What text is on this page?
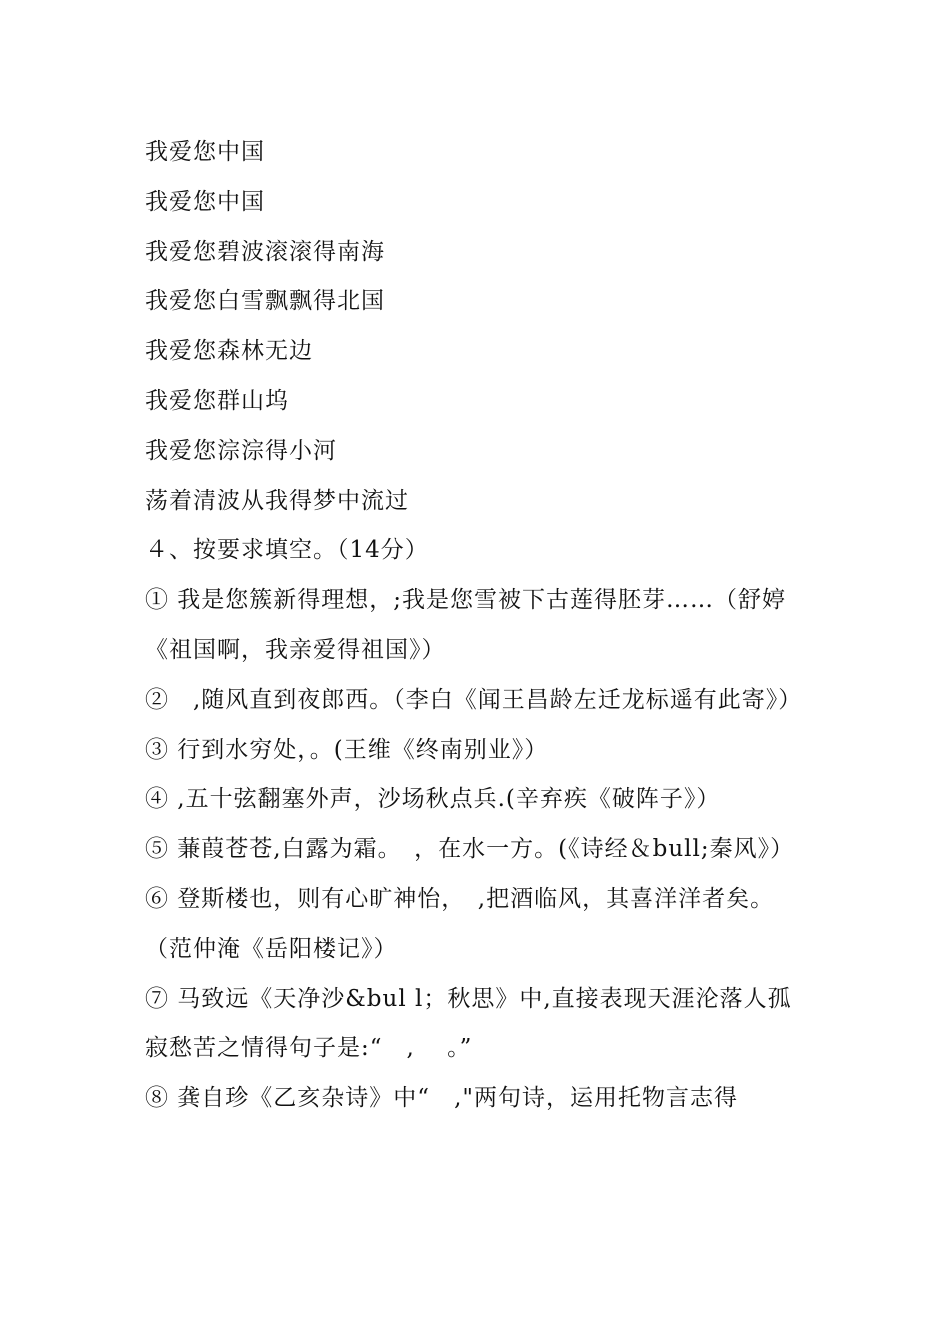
我爱您中国
我爱您中国
我爱您碧波滚滚得南海
我爱您白雪飘飘得北国
我爱您森林无边
我爱您群山坞
我爱您淙淙得小河
荡着清波从我得梦中流过
４、按要求填空。（14分）
① 我是您簇新得理想，;我是您雪被下古莲得胚芽……（舒婷《祖国啊，我亲爱得祖国》）
②　,随风直到夜郎西。（李白《闻王昌龄左迁龙标遥有此寄》）
③ 行到水穷处，。(王维《终南别业》）
④ ,五十弦翻塞外声，沙场秋点兵.(辛弃疾《破阵子》）
⑤ 蒹葭苍苍,白露为霜。　，在水一方。(《诗经＆bull;秦风》）
⑥ 登斯楼也，则有心旷神怡，　,把酒临风，其喜洋洋者矣。（范仲淹《岳阳楼记》）
⑦ 马致远《天净沙&bul l；秋思》中,直接表现天涯沦落人孤寂愁苦之情得句子是:“　,　 。”
⑧ 龚自珍《乙亥杂诗》中“　,"两句诗，运用托物言志得
